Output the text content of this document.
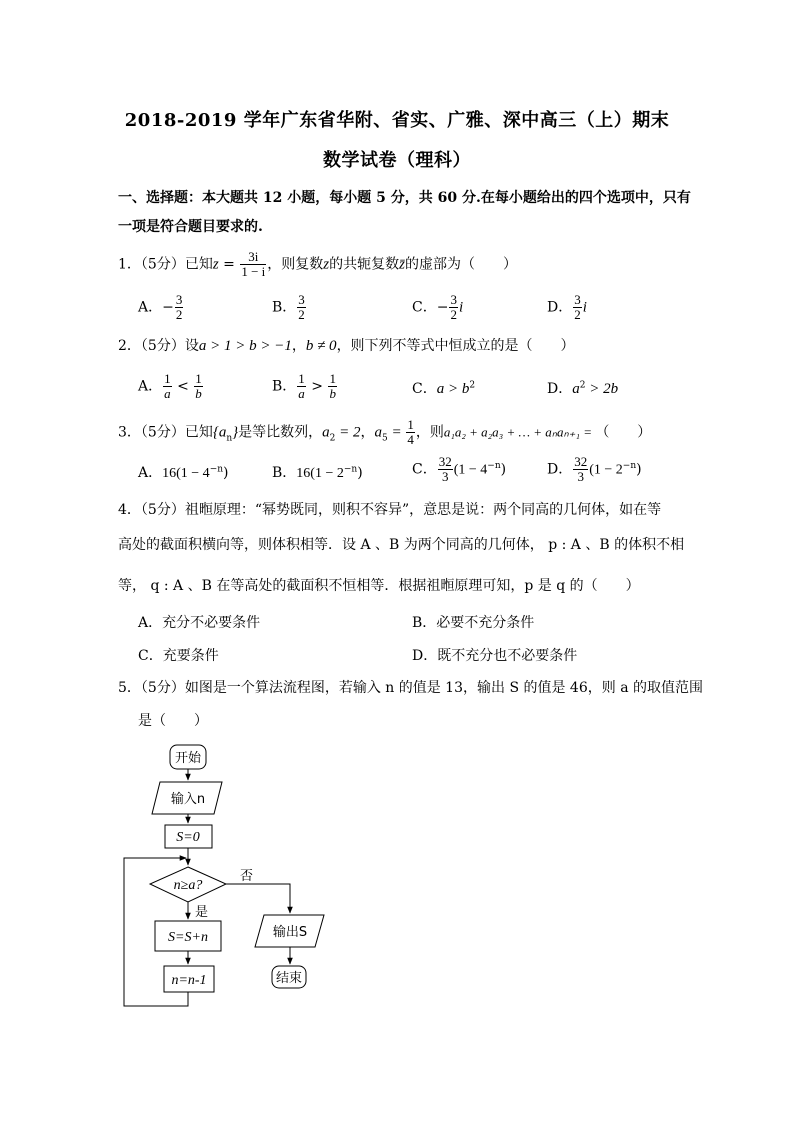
2018-2019 学年广东省华附、省实、广雅、深中高三（上）期末
数学试卷（理科）
一、选择题：本大题共 12 小题，每小题 5 分，共 60 分.在每小题给出的四个选项中，只有
一项是符合题目要求的.
1．（5分）已知$z = \frac{3i}{1 - i}$ ，则复数z的共轭复数z̄的虚部为（　　）
A．− $\frac{3}{2}$	B． $\frac{3}{2}$	C．− $\frac{3}{2}$ i	D． $\frac{3}{2}$ i
2．（5分）设a > 1 > b > −1，b ≠ 0，则下列不等式中恒成立的是（　　）
A． $\frac{1}{a} < \frac{1}{b}$	B． $\frac{1}{a} > \frac{1}{b}$	C．$a > b^2$	D．$a^2 > 2b$
3．（5分）已知$\{a_n\}$是等比数列，$a_2 = 2$，$a_5 = \frac{1}{4}$ ，则a₁a₂ + a₂a₃ + … + aₙaₙ₊₁ = （　　）
A．$16(1 - 4^{-n})$	B．$16(1 - 2^{-n})$	C． $\frac{32}{3} (1 - 4^{-n})$	D． $\frac{32}{3} (1 - 2^{-n})$
4．（5分）祖暅原理：“幂势既同，则积不容异”，意思是说：两个同高的几何体，如在等
高处的截面积横向等，则体积相等．设 A 、B 为两个同高的几何体， p : A 、B 的体积不相
等， q : A 、B 在等高处的截面积不恒相等．根据祖暅原理可知，p 是 q 的（　　）
A．充分不必要条件	B．必要不充分条件
C．充要条件	D．既不充分也不必要条件
5．（5分）如图是一个算法流程图，若输入 n 的值是 13，输出 S 的值是 46，则 a 的取值范围
是（　　）
开始
输入n
S=0
n≥a?
否
是
S=S+n
n=n-1
输出S
结束
